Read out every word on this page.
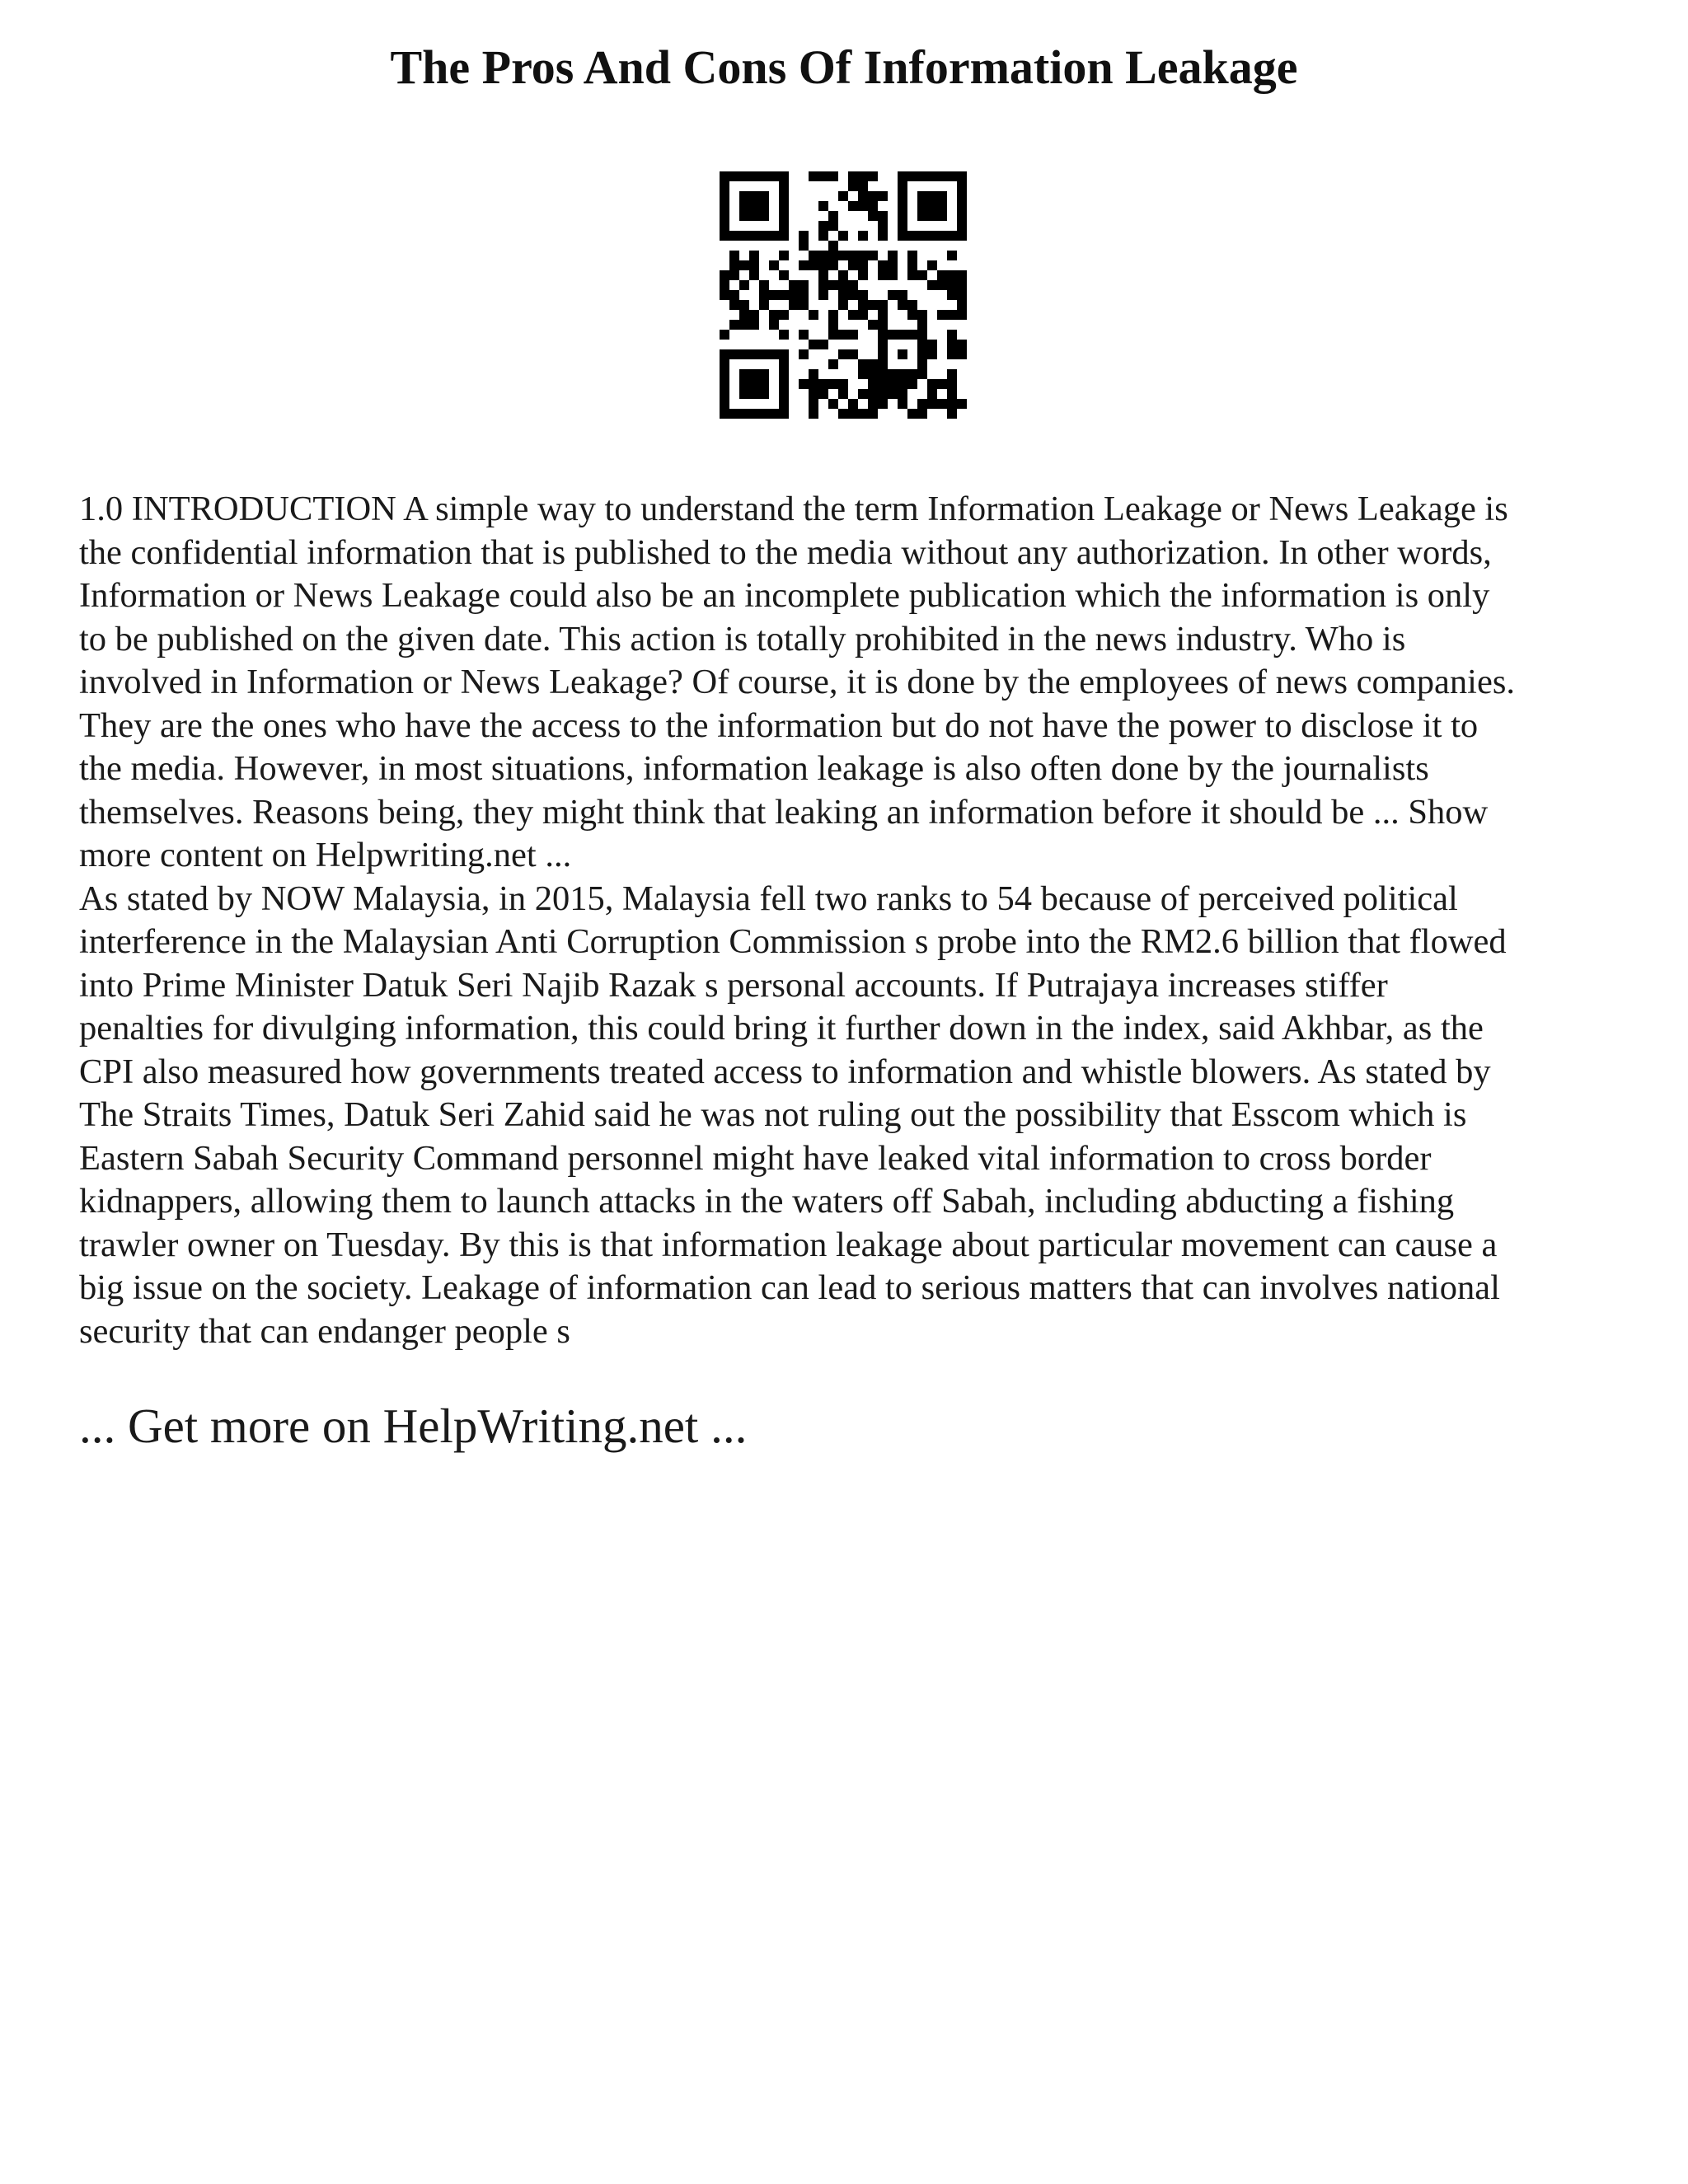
The Pros And Cons Of Information Leakage

1.0 INTRODUCTION A simple way to understand the term Information Leakage or News Leakage is
the confidential information that is published to the media without any authorization. In other words,
Information or News Leakage could also be an incomplete publication which the information is only
to be published on the given date. This action is totally prohibited in the news industry. Who is
involved in Information or News Leakage? Of course, it is done by the employees of news companies.
They are the ones who have the access to the information but do not have the power to disclose it to
the media. However, in most situations, information leakage is also often done by the journalists
themselves. Reasons being, they might think that leaking an information before it should be ... Show
more content on Helpwriting.net ...

As stated by NOW Malaysia, in 2015, Malaysia fell two ranks to 54 because of perceived political
interference in the Malaysian Anti Corruption Commission s probe into the RM2.6 billion that flowed
into Prime Minister Datuk Seri Najib Razak s personal accounts. If Putrajaya increases stiffer
penalties for divulging information, this could bring it further down in the index, said Akhbar, as the
CPI also measured how governments treated access to information and whistle blowers. As stated by
The Straits Times, Datuk Seri Zahid said he was not ruling out the possibility that Esscom which is
Eastern Sabah Security Command personnel might have leaked vital information to cross border
kidnappers, allowing them to launch attacks in the waters off Sabah, including abducting a fishing
trawler owner on Tuesday. By this is that information leakage about particular movement can cause a
big issue on the society. Leakage of information can lead to serious matters that can involves national
security that can endanger people s

... Get more on HelpWriting.net ...
